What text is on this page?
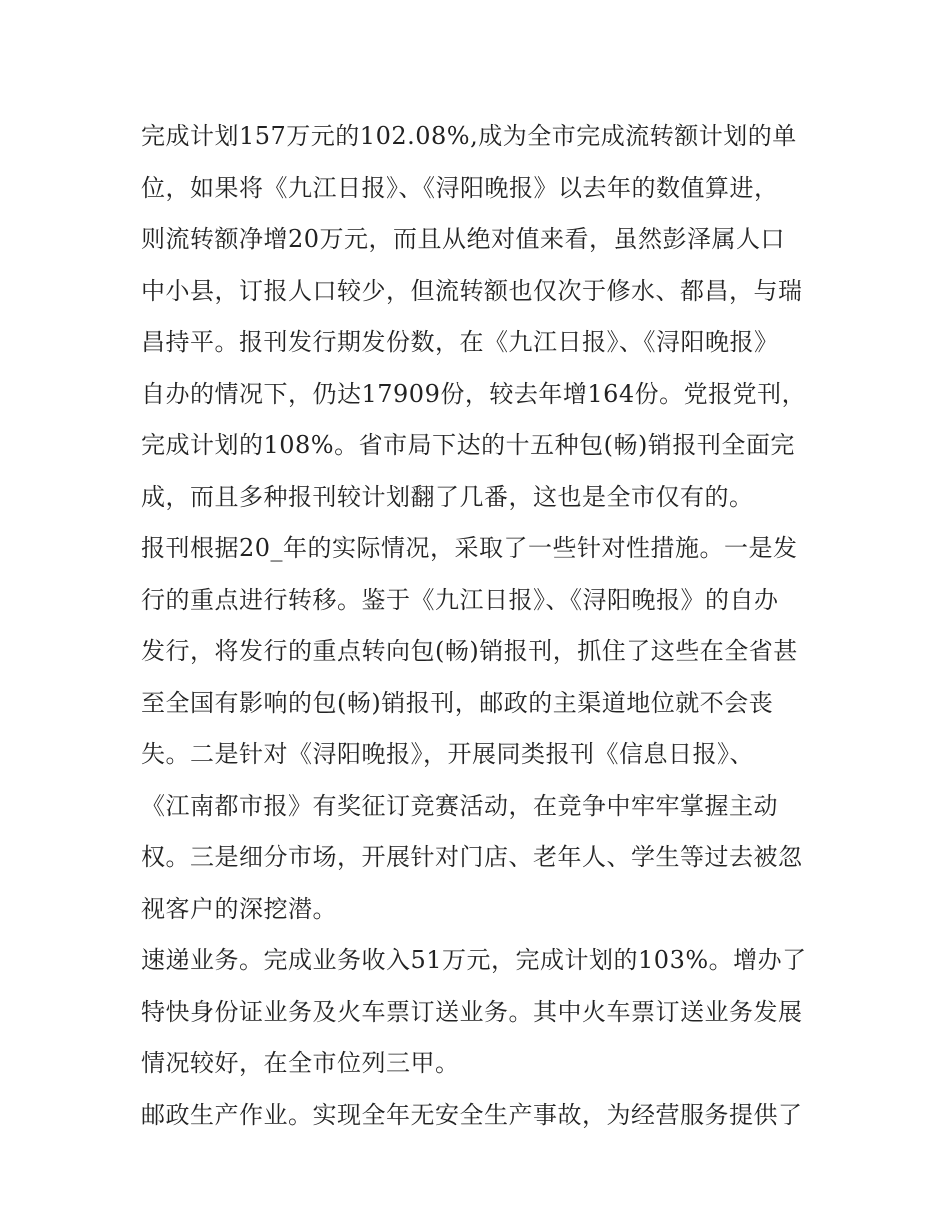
完成计划157万元的102.08%,成为全市完成流转额计划的单
位，如果将《九江日报》、《浔阳晚报》以去年的数值算进，
则流转额净增20万元，而且从绝对值来看，虽然彭泽属人口
中小县，订报人口较少，但流转额也仅次于修水、都昌，与瑞
昌持平。报刊发行期发份数，在《九江日报》、《浔阳晚报》
自办的情况下，仍达17909份，较去年增164份。党报党刊，
完成计划的108%。省市局下达的十五种包(畅)销报刊全面完
成，而且多种报刊较计划翻了几番，这也是全市仅有的。
报刊根据20_年的实际情况，采取了一些针对性措施。一是发
行的重点进行转移。鉴于《九江日报》、《浔阳晚报》的自办
发行，将发行的重点转向包(畅)销报刊，抓住了这些在全省甚
至全国有影响的包(畅)销报刊，邮政的主渠道地位就不会丧
失。二是针对《浔阳晚报》，开展同类报刊《信息日报》、
《江南都市报》有奖征订竞赛活动，在竞争中牢牢掌握主动
权。三是细分市场，开展针对门店、老年人、学生等过去被忽
视客户的深挖潜。
速递业务。完成业务收入51万元，完成计划的103%。增办了
特快身份证业务及火车票订送业务。其中火车票订送业务发展
情况较好，在全市位列三甲。
邮政生产作业。实现全年无安全生产事故，为经营服务提供了
